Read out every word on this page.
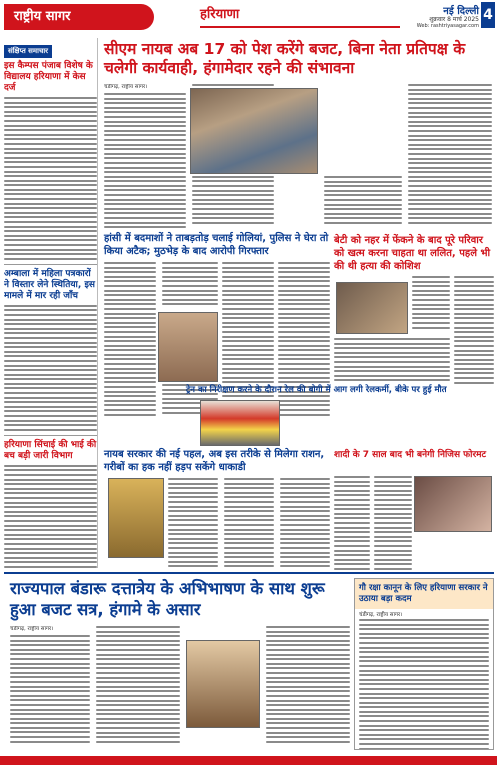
राष्ट्रीय सागर	हरियाणा	नई दिल्ली
शुक्रवार 8 मार्च 2025
Web: rashtriyasagar.com
4
संक्षिप्त समाचार
इस कैम्पस पंजाब विशेष के विद्यालय हरियाणा में केस दर्ज
अम्बाला में महिला पत्रकारों ने विस्तार लेने स्थितिया, इस मामले में मार रही जाँच
हरियाणा सिंचाई की भाई की बच बड़ी जारी विभाग
सीएम नायब अब 17 को पेश करेंगे बजट, बिना नेता प्रतिपक्ष के चलेगी कार्यवाही, हंगामेदार रहने की संभावना
चंडीगढ़, राष्ट्रीय सागर।
हांसी में बदमाशों ने ताबड़तोड़ चलाई गोलियां, पुलिस ने घेरा तो किया अटैक; मुठभेड़ के बाद आरोपी गिरफ्तार
बेटी को नहर में फेंकने के बाद पूरे परिवार को खत्म करना चाहता था ललित, पहले भी की थी हत्या की कोशिश
ट्रेन का निरीक्षण करने के दौरान रेल की बोगी में आग लगी रेलकर्मी, बीके पर हुई मौत
नायब सरकार की नई पहल, अब इस तरीके से मिलेगा राशन, गरीबों का हक नहीं हड़प सकेंगे धाकाडी
शादी के 7 साल बाद भी बनेगी निजिस फोरमट
राज्यपाल बंडारू दत्तात्रेय के अभिभाषण के साथ शुरू हुआ बजट सत्र, हंगामे के असार
चंडीगढ़, राष्ट्रीय सागर।
गौ रक्षा कानून के लिए हरियाणा सरकार ने उठाया बड़ा कदम
चंडीगढ़, राष्ट्रीय सागर।
